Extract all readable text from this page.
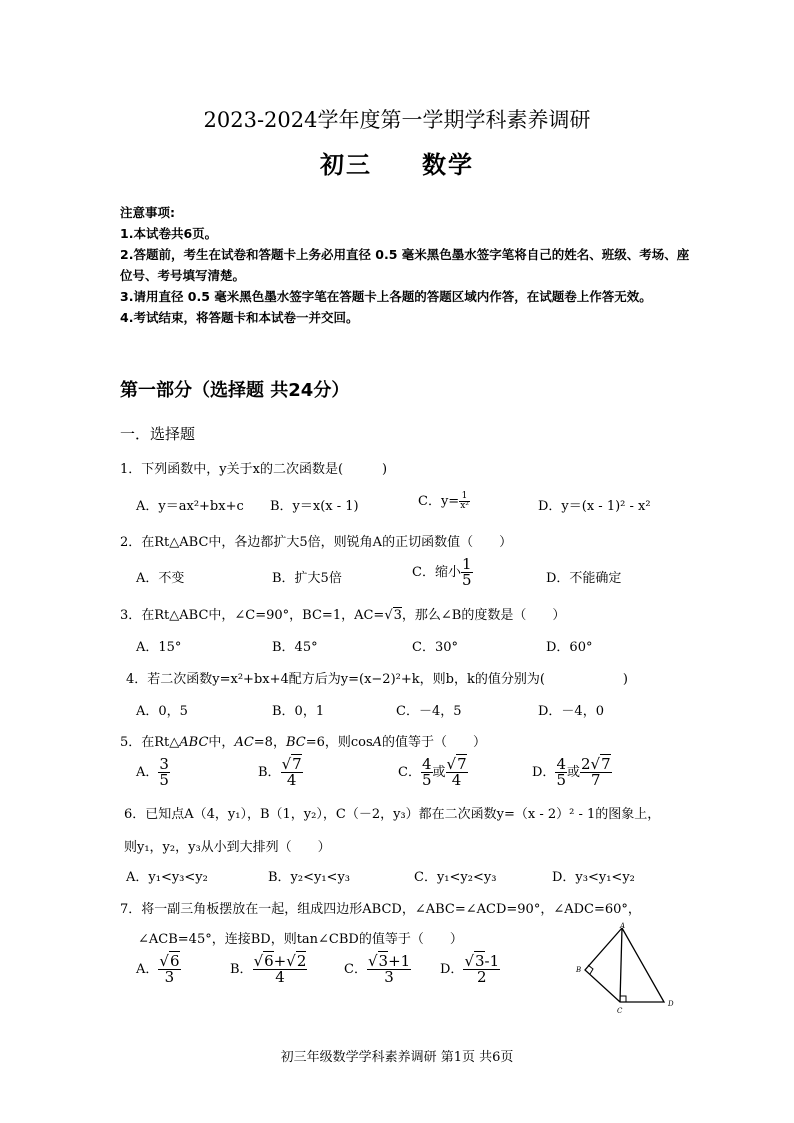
2023-2024学年度第一学期学科素养调研
初三 数学
注意事项:
1.本试卷共6页。
2.答题前，考生在试卷和答题卡上务必用直径 0.5 毫米黑色墨水签字笔将自己的姓名、班级、考场、座位号、考号填写清楚。
3.请用直径 0.5 毫米黑色墨水签字笔在答题卡上各题的答题区域内作答，在试题卷上作答无效。
4.考试结束，将答题卡和本试卷一并交回。
第一部分（选择题 共24分）
一．选择题
1．下列函数中，y关于x的二次函数是(　　　)
A．y＝ax²+bx+c B．y＝x(x - 1)	C．$y= \frac{1}{\text{x²}}$	D．y＝(x - 1)² - x²
2．在Rt△ABC中，各边都扩大5倍，则锐角A的正切函数值（　　）
A．不变	B．扩大5倍	C．缩小 $\frac{1}{5}$	D．不能确定
3．在Rt△ABC中，∠C=90°，BC=1，AC=√3，那么∠B的度数是（　　）
A．15°	B．45°	C．30°	D．60°
4．若二次函数y=x²+bx+4配方后为y=(x−2)²+k，则b，k的值分别为(　　　　　　)
A．0，5	B．0，1	C．－4，5	D．－4，0
5．在Rt△ABC中，AC=8，BC=6，则cosA的值等于（　　）
A． $\frac{3}{5}$	B． $\frac{√7}{4}$	C． $\frac{4}{5}$ 或 $\frac{√7}{4}$	D． $\frac{4}{5}$ 或 $\frac{2√7}{7}$
6．已知点A（4，y₁），B（1，y₂），C（－2，y₃）都在二次函数y=（x - 2）² - 1的图象上，
则y₁，y₂，y₃从小到大排列（　　）
A．y₁<y₃<y₂	B．y₂<y₁<y₃	C．y₁<y₂<y₃	D．y₃<y₁<y₂
7．将一副三角板摆放在一起，组成四边形ABCD，∠ABC=∠ACD=90°，∠ADC=60°，
∠ACB=45°，连接BD，则tan∠CBD的值等于（　　）
A． $\frac{√6}{3}$	B． $\frac{√6+√2}{4}$	C． $\frac{√3+1}{3}$ D． $\frac{√3-1}{2}$
A
B
C
D
初三年级数学学科素养调研 第1页 共6页
